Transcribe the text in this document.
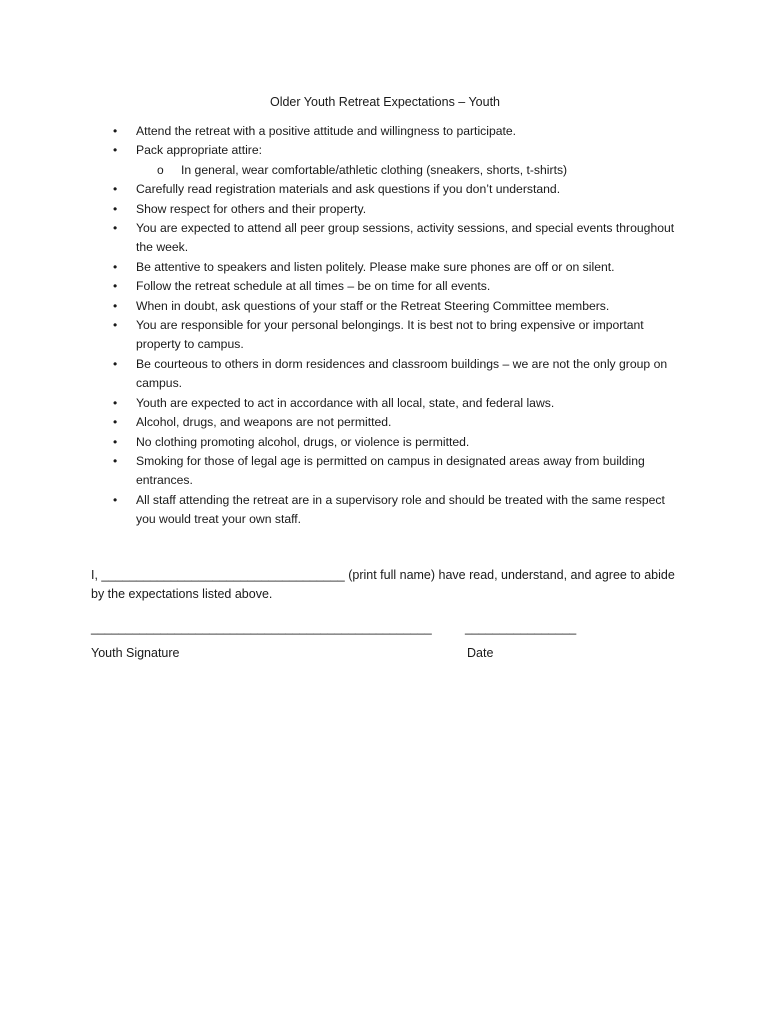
Older Youth Retreat Expectations – Youth
• Attend the retreat with a positive attitude and willingness to participate.
• Pack appropriate attire:
o In general, wear comfortable/athletic clothing (sneakers, shorts, t-shirts)
• Carefully read registration materials and ask questions if you don’t understand.
• Show respect for others and their property.
• You are expected to attend all peer group sessions, activity sessions, and special events throughout the week.
• Be attentive to speakers and listen politely. Please make sure phones are off or on silent.
• Follow the retreat schedule at all times – be on time for all events.
• When in doubt, ask questions of your staff or the Retreat Steering Committee members.
• You are responsible for your personal belongings. It is best not to bring expensive or important property to campus.
• Be courteous to others in dorm residences and classroom buildings – we are not the only group on campus.
• Youth are expected to act in accordance with all local, state, and federal laws.
• Alcohol, drugs, and weapons are not permitted.
• No clothing promoting alcohol, drugs, or violence is permitted.
• Smoking for those of legal age is permitted on campus in designated areas away from building entrances.
• All staff attending the retreat are in a supervisory role and should be treated with the same respect you would treat your own staff.
I, ___________________________________ (print full name) have read, understand, and agree to abide by the expectations listed above.
_________________________________________________	________________
Youth Signature	Date
